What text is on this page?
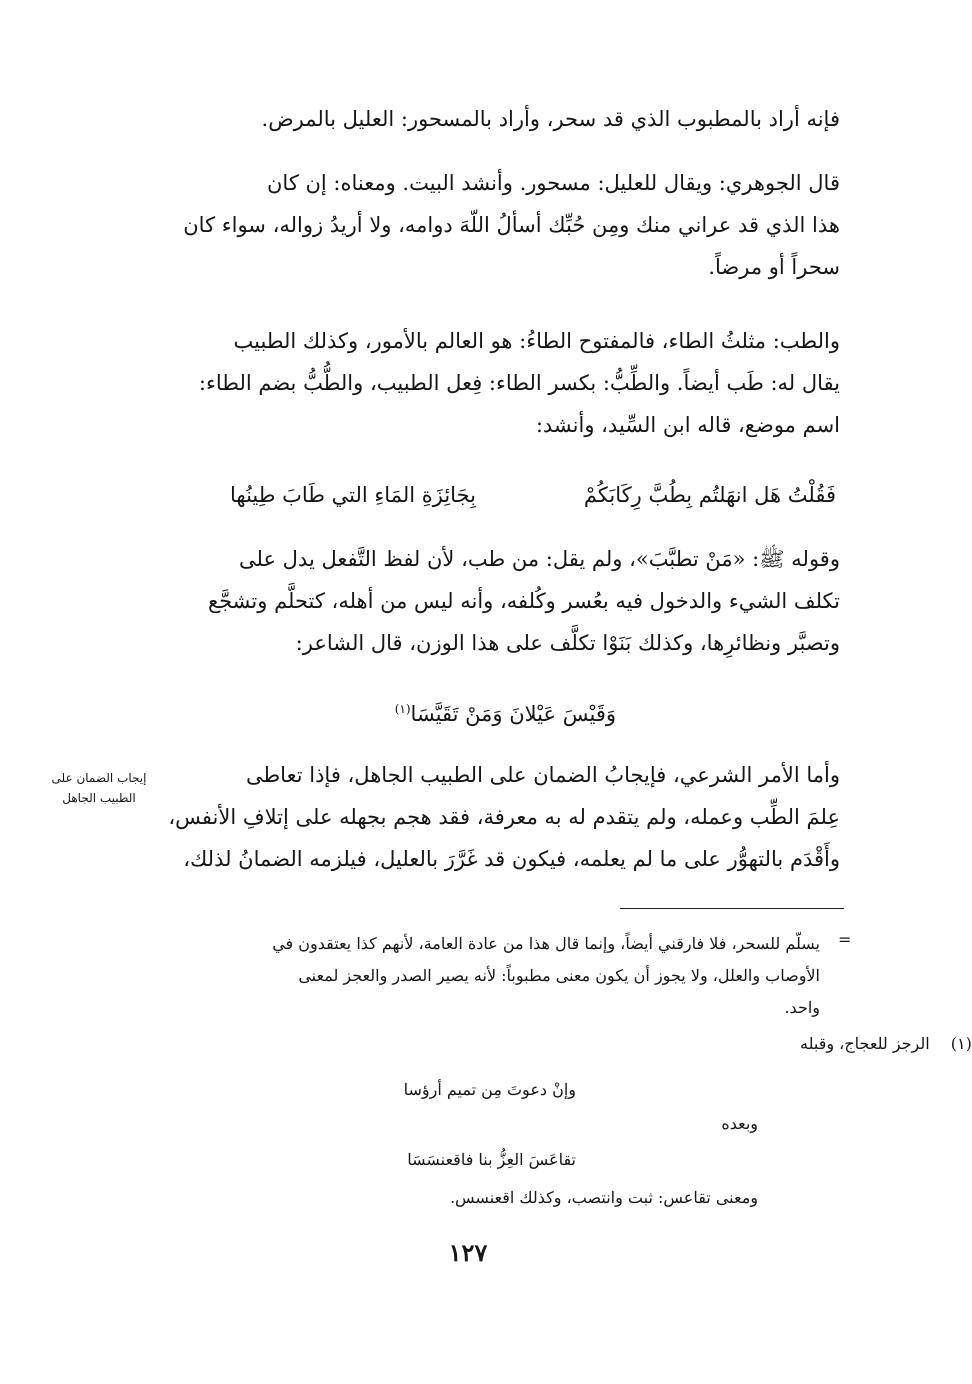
فإنه أراد بالمطبوب الذي قد سحر، وأراد بالمسحور: العليل بالمرض.

قال الجوهري: ويقال للعليل: مسحور. وأنشد البيت. ومعناه: إن كان
هذا الذي قد عراني منك ومِن حُبِّك أسألُ اللّهَ دوامه، ولا أريدُ زواله، سواء كان
سحراً أو مرضاً.

والطب: مثلثُ الطاء، فالمفتوح الطاءُ: هو العالم بالأمور، وكذلك الطبيب
يقال له: طَب أيضاً. والطِّبُّ: بكسر الطاء: فِعل الطبيب، والطُّبُّ بضم الطاء:
اسم موضع، قاله ابن السِّيد، وأنشد:

فَقُلْتُ هَل انهَلتُم بِطُبَّ رِكَابَكُمْ
بِجَائِزَةِ المَاءِ التي طَابَ طِينُها

وقوله ﷺ: «مَنْ تطبَّبَ»، ولم يقل: من طب، لأن لفظ التَّفعل يدل على
تكلف الشيء والدخول فيه بعُسر وكُلفه، وأنه ليس من أهله، كتحلَّم وتشجَّع
وتصبَّر ونظائرِها، وكذلك بَنَوْا تكلَّف على هذا الوزن، قال الشاعر:

وَقَيْسَ عَيْلانَ وَمَنْ تَقَيَّسَا$^{(١)}$
إيجاب الضمان على الطبيب الجاهل

وأما الأمر الشرعي، فإيجابُ الضمان على الطبيب الجاهل، فإذا تعاطى
عِلمَ الطِّب وعمله، ولم يتقدم له به معرفة، فقد هجم بجهله على إتلافِ الأنفس،
وأَقْدَم بالتهوُّر على ما لم يعلمه، فيكون قد غَرَّرَ بالعليل، فيلزمه الضمانُ لذلك،

=

يسلّم للسحر، فلا فارقني أيضاً، وإنما قال هذا من عادة العامة، لأنهم كذا يعتقدون في
الأوصاب والعلل، ولا يجوز أن يكون معنى مطبوباً: لأنه يصير الصدر والعجز لمعنى
واحد.

(١) الرجز للعجاج، وقبله
وإنْ دعوتَ مِن تميم أرؤسا
وبعده
تقاعَسَ العِزُّ بنا فاقعنسَسَا
ومعنى تقاعس: ثبت وانتصب، وكذلك اقعنسس.
١٢٧
